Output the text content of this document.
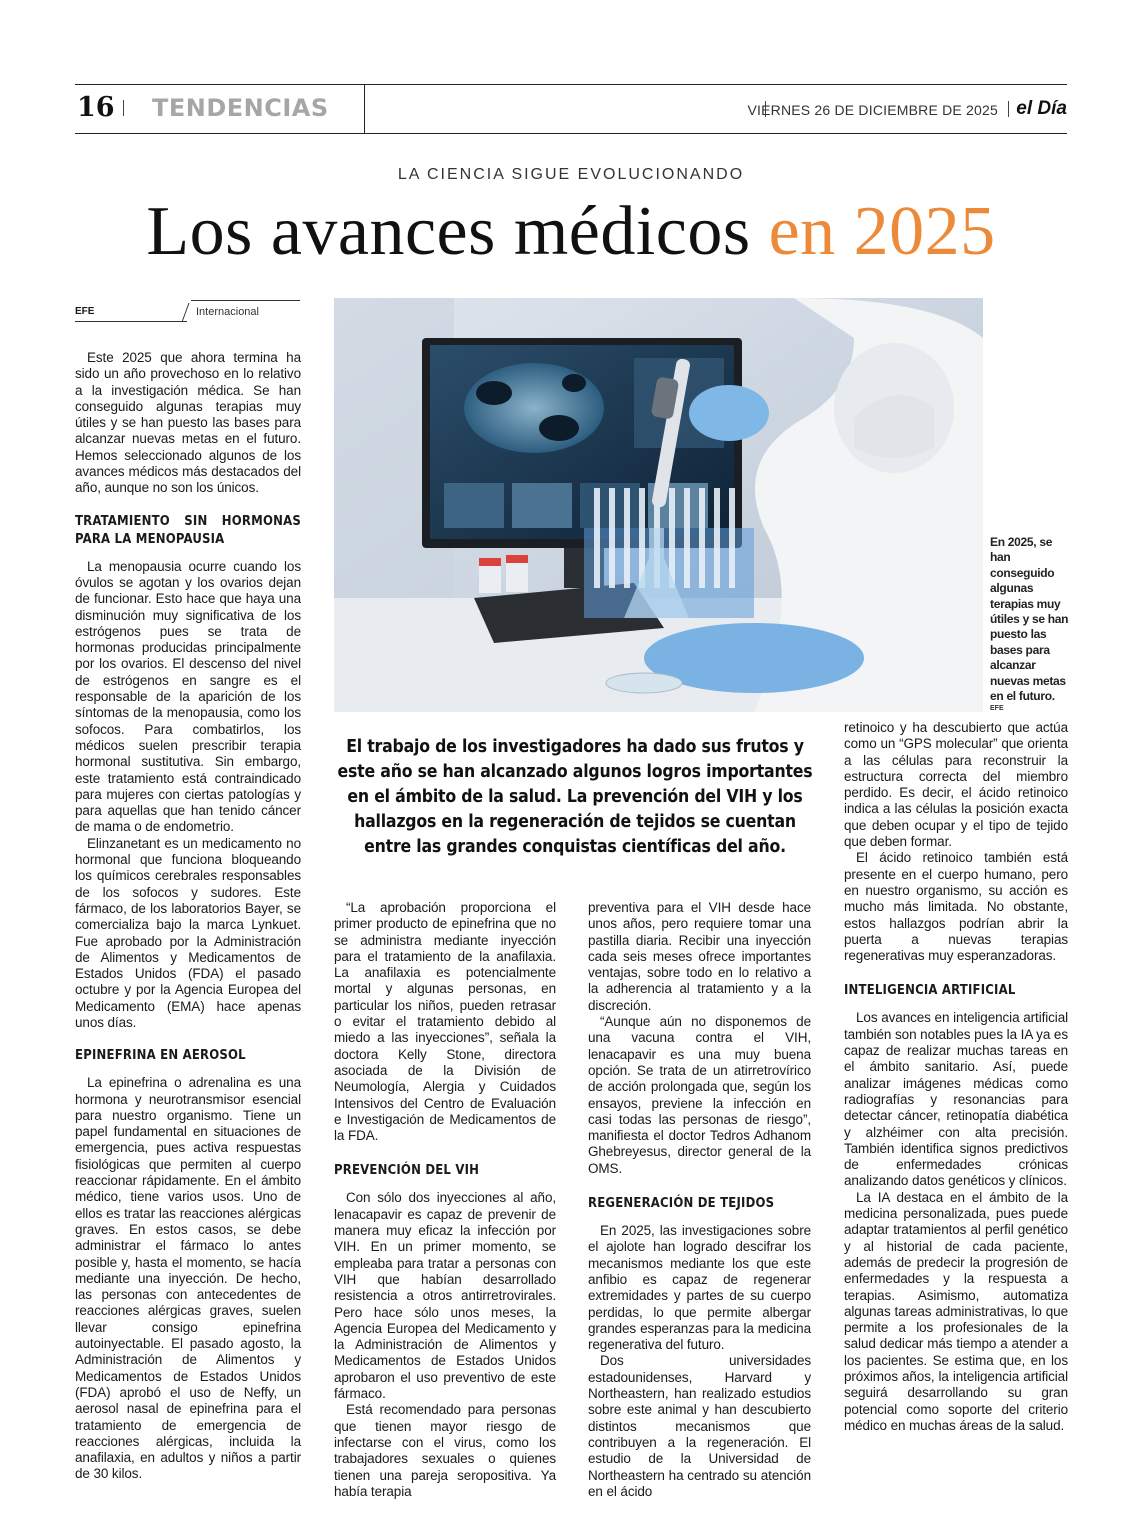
16 TENDENCIAS	VIERNES 26 DE DICIEMBRE DE 2025 el Día
LA CIENCIA SIGUE EVOLUCIONANDO
Los avances médicos en 2025
EFE	Internacional

Este 2025 que ahora termina ha sido un año provechoso en lo relativo a la investigación médica. Se han conseguido algunas terapias muy útiles y se han puesto las bases para alcanzar nuevas metas en el futuro. Hemos seleccionado algunos de los avances médicos más destacados del año, aunque no son los únicos.

TRATAMIENTO SIN HORMONAS PARA LA MENOPAUSIA

La menopausia ocurre cuando los óvulos se agotan y los ovarios dejan de funcionar. Esto hace que haya una disminución muy significativa de los estrógenos pues se trata de hormonas producidas principalmente por los ovarios. El descenso del nivel de estrógenos en sangre es el responsable de la aparición de los síntomas de la menopausia, como los sofocos. Para combatirlos, los médicos suelen prescribir terapia hormonal sustitutiva. Sin embargo, este tratamiento está contraindicado para mujeres con ciertas patologías y para aquellas que han tenido cáncer de mama o de endometrio.

Elinzanetant es un medicamento no hormonal que funciona bloqueando los químicos cerebrales responsables de los sofocos y sudores. Este fármaco, de los laboratorios Bayer, se comercializa bajo la marca Lynkuet. Fue aprobado por la Administración de Alimentos y Medicamentos de Estados Unidos (FDA) el pasado octubre y por la Agencia Europea del Medicamento (EMA) hace apenas unos días.

EPINEFRINA EN AEROSOL

La epinefrina o adrenalina es una hormona y neurotransmisor esencial para nuestro organismo. Tiene un papel fundamental en situaciones de emergencia, pues activa respuestas fisiológicas que permiten al cuerpo reaccionar rápidamente. En el ámbito médico, tiene varios usos. Uno de ellos es tratar las reacciones alérgicas graves. En estos casos, se debe administrar el fármaco lo antes posible y, hasta el momento, se hacía mediante una inyección. De hecho, las personas con antecedentes de reacciones alérgicas graves, suelen llevar consigo epinefrina autoinyectable. El pasado agosto, la Administración de Alimentos y Medicamentos de Estados Unidos (FDA) aprobó el uso de Neffy, un aerosol nasal de epinefrina para el tratamiento de emergencia de reacciones alérgicas, incluida la anafilaxia, en adultos y niños a partir de 30 kilos.

En 2025, se han conseguido algunas terapias muy útiles y se han puesto las bases para alcanzar nuevas metas en el futuro.
EFE
El trabajo de los investigadores ha dado sus frutos y este año se han alcanzado algunos logros importantes en el ámbito de la salud. La prevención del VIH y los hallazgos en la regeneración de tejidos se cuentan entre las grandes conquistas científicas del año.

“La aprobación proporciona el primer producto de epinefrina que no se administra mediante inyección para el tratamiento de la anafilaxia. La anafilaxia es potencialmente mortal y algunas personas, en particular los niños, pueden retrasar o evitar el tratamiento debido al miedo a las inyecciones”, señala la doctora Kelly Stone, directora asociada de la División de Neumología, Alergia y Cuidados Intensivos del Centro de Evaluación e Investigación de Medicamentos de la FDA.

PREVENCIÓN DEL VIH

Con sólo dos inyecciones al año, lenacapavir es capaz de prevenir de manera muy eficaz la infección por VIH. En un primer momento, se empleaba para tratar a personas con VIH que habían desarrollado resistencia a otros antirretrovirales. Pero hace sólo unos meses, la Agencia Europea del Medicamento y la Administración de Alimentos y Medicamentos de Estados Unidos aprobaron el uso preventivo de este fármaco.

Está recomendado para personas que tienen mayor riesgo de infectarse con el virus, como los trabajadores sexuales o quienes tienen una pareja seropositiva. Ya había terapia

preventiva para el VIH desde hace unos años, pero requiere tomar una pastilla diaria. Recibir una inyección cada seis meses ofrece importantes ventajas, sobre todo en lo relativo a la adherencia al tratamiento y a la discreción.

“Aunque aún no disponemos de una vacuna contra el VIH, lenacapavir es una muy buena opción. Se trata de un atirretrovírico de acción prolongada que, según los ensayos, previene la infección en casi todas las personas de riesgo”, manifiesta el doctor Tedros Adhanom Ghebreyesus, director general de la OMS.

REGENERACIÓN DE TEJIDOS

En 2025, las investigaciones sobre el ajolote han logrado descifrar los mecanismos mediante los que este anfibio es capaz de regenerar extremidades y partes de su cuerpo perdidas, lo que permite albergar grandes esperanzas para la medicina regenerativa del futuro.

Dos universidades estadounidenses, Harvard y Northeastern, han realizado estudios sobre este animal y han descubierto distintos mecanismos que contribuyen a la regeneración. El estudio de la Universidad de Northeastern ha centrado su atención en el ácido

retinoico y ha descubierto que actúa como un “GPS molecular” que orienta a las células para reconstruir la estructura correcta del miembro perdido. Es decir, el ácido retinoico indica a las células la posición exacta que deben ocupar y el tipo de tejido que deben formar.

El ácido retinoico también está presente en el cuerpo humano, pero en nuestro organismo, su acción es mucho más limitada. No obstante, estos hallazgos podrían abrir la puerta a nuevas terapias regenerativas muy esperanzadoras.

INTELIGENCIA ARTIFICIAL

Los avances en inteligencia artificial también son notables pues la IA ya es capaz de realizar muchas tareas en el ámbito sanitario. Así, puede analizar imágenes médicas como radiografías y resonancias para detectar cáncer, retinopatía diabética y alzhéimer con alta precisión. También identifica signos predictivos de enfermedades crónicas analizando datos genéticos y clínicos.

La IA destaca en el ámbito de la medicina personalizada, pues puede adaptar tratamientos al perfil genético y al historial de cada paciente, además de predecir la progresión de enfermedades y la respuesta a terapias. Asimismo, automatiza algunas tareas administrativas, lo que permite a los profesionales de la salud dedicar más tiempo a atender a los pacientes. Se estima que, en los próximos años, la inteligencia artificial seguirá desarrollando su gran potencial como soporte del criterio médico en muchas áreas de la salud.
